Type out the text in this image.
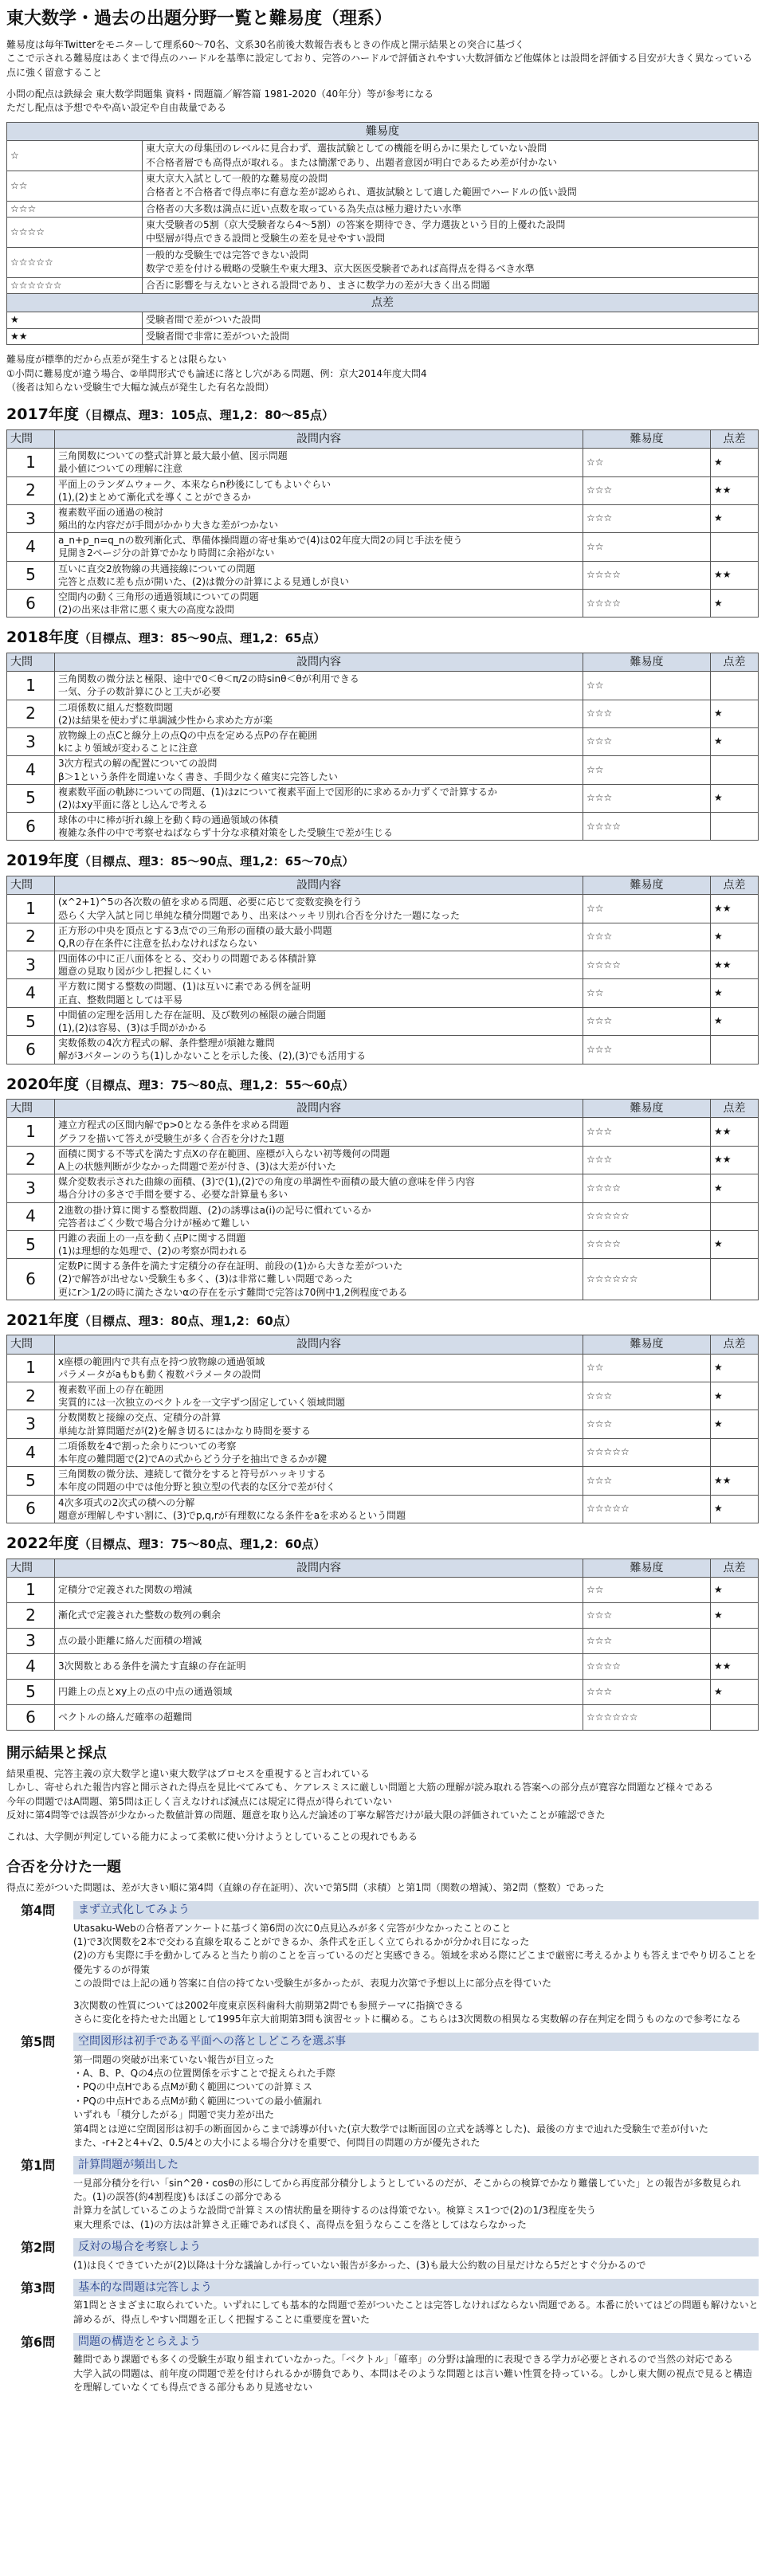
東大数学・過去の出題分野一覧と難易度（理系）

難易度は毎年Twitterをモニターして理系60～70名、文系30名前後大数報告表もときの作成と開示結果との突合に基づく

ここで示される難易度はあくまで得点のハードルを基準に設定しており、完答のハードルで評価されやすい大数評価など他媒体とは設問を評価する目安が大きく異なっている点に強く留意すること

小問の配点は鉄緑会 東大数学問題集 資料・問題篇／解答篇 1981-2020（40年分）等が参考になる

ただし配点は予想でやや高い設定や自由裁量である

難易度	
☆	東大京大の母集団のレベルに見合わず、選抜試験としての機能を明らかに果たしていない設問
不合格者層でも高得点が取れる。または簡潔であり、出題者意図が明白であるため差が付かない

☆☆	東大京大入試として一般的な難易度の設問
合格者と不合格者で得点率に有意な差が認められ、選抜試験として適した範囲でハードルの低い設問

☆☆☆	合格者の大多数は満点に近い点数を取っている為失点は極力避けたい水準

☆☆☆☆	東大受験者の5割（京大受験者なら4～5割）の答案を期待でき、学力選抜という目的上優れた設問
中堅層が得点できる設問と受験生の差を見せやすい設問

☆☆☆☆☆	一般的な受験生では完答できない設問
数学で差を付ける戦略の受験生や東大理3、京大医医受験者であれば高得点を得るべき水準

☆☆☆☆☆☆	合否に影響を与えないとされる設問であり、まさに数学力の差が大きく出る問題

点差	
★	受験者間で差がついた設問
★★	受験者間で非常に差がついた設問

難易度が標準的だから点差が発生するとは限らない

①小問に難易度が違う場合、②単問形式でも論述に落とし穴がある問題、例：京大2014年度大問4

（後者は知らない受験生で大幅な減点が発生した有名な設問）

2017年度（目標点、理3：105点、理1,2：80～85点）
大問	設問内容	難易度	点差
1	三角関数についての整式計算と最大最小値、図示問題
最小値についての理解に注意	☆☆	★
2	平面上のランダムウォーク、本来ならn秒後にしてもよいぐらい
(1),(2)まとめて漸化式を導くことができるか	☆☆☆	★★
3	複素数平面の通過の検討
頻出的な内容だが手間がかかり大きな差がつかない	☆☆☆	★
4	a_n+p_n=q_nの数列漸化式、準備体操問題の寄せ集めで(4)は02年度大問2の同じ手法を使う
見開き2ページ分の計算でかなり時間に余裕がない	☆☆	
5	互いに直交2放物線の共通接線についての問題
完答と点数に差も点が開いた、(2)は微分の計算による見通しが良い	☆☆☆☆	★★
6	空間内の動く三角形の通過領域についての問題
(2)の出来は非常に悪く東大の高度な設問	☆☆☆☆	★
2018年度（目標点、理3：85～90点、理1,2：65点）
大問	設問内容	難易度	点差
1	三角関数の微分法と極限、途中で0＜θ＜π/2の時sinθ＜θが利用できる
一気、分子の数計算にひと工夫が必要	☆☆	
2	二項係数に組んだ整数問題
(2)は結果を使わずに単調減少性から求めた方が楽	☆☆☆	★
3	放物線上の点Cと線分上の点Qの中点を定める点Pの存在範囲
kにより領域が変わることに注意	☆☆☆	★
4	3次方程式の解の配置についての設問
β＞1という条件を間違いなく書き、手間少なく確実に完答したい	☆☆	
5	複素数平面の軌跡についての問題、(1)はzについて複素平面上で図形的に求めるか力ずくで計算するか
(2)はxy平面に落とし込んで考える	☆☆☆	★
6	球体の中に棒が折れ線上を動く時の通過領域の体積
複雑な条件の中で考察せねばならず十分な求積対策をした受験生で差が生じる	☆☆☆☆	
2019年度（目標点、理3：85～90点、理1,2：65～70点）
大問	設問内容	難易度	点差
1	(x^2+1)^5の各次数の値を求める問題、必要に応じて変数変換を行う
恐らく大学入試と同じ単純な積分問題であり、出来はハッキリ別れ合否を分けた一題になった	☆☆	★★
2	正方形の中央を頂点とする3点での三角形の面積の最大最小問題
Q,Rの存在条件に注意を払わなければならない	☆☆☆	★
3	四面体の中に正八面体をとる、交わりの問題である体積計算
題意の見取り図が少し把握しにくい	☆☆☆☆	★★
4	平方数に関する整数の問題、(1)は互いに素である例を証明
正直、整数問題としては平易	☆☆	★
5	中間値の定理を活用した存在証明、及び数列の極限の融合問題
(1),(2)は容易、(3)は手間がかかる	☆☆☆	★
6	実数係数の4次方程式の解、条件整理が煩雑な難問
解が3パターンのうち(1)しかないことを示した後、(2),(3)でも活用する	☆☆☆	
2020年度（目標点、理3：75～80点、理1,2：55～60点）
大問	設問内容	難易度	点差
1	連立方程式の区間内解でp>0となる条件を求める問題
グラフを描いて答えが受験生が多く合否を分けた1題	☆☆☆	★★
2	面積に関する不等式を満たす点Xの存在範囲、座標が入らない初等幾何の問題
A上の状態判断が少なかった問題で差が付き、(3)は大差が付いた	☆☆☆	★★
3	媒介変数表示された曲線の面積、(3)で(1),(2)での角度の単調性や面積の最大値の意味を伴う内容
場合分けの多さで手間を要する、必要な計算量も多い	☆☆☆☆	★
4	2進数の掛け算に関する整数問題、(2)の誘導はa(i)の記号に慣れているか
完答者はごく少数で場合分けが極めて難しい	☆☆☆☆☆	
5	円錐の表面上の一点を動く点Pに関する問題
(1)は理想的な処理で、(2)の考察が問われる	☆☆☆☆	★
6	定数Pに関する条件を満たす定積分の存在証明、前段の(1)から大きな差がついた
(2)で解答が出せない受験生も多く、(3)は非常に難しい問題であった
更にr＞1/2の時に満たさないαの存在を示す難問で完答は70例中1,2例程度である	☆☆☆☆☆☆	
2021年度（目標点、理3：80点、理1,2：60点）
大問	設問内容	難易度	点差
1	x座標の範囲内で共有点を持つ放物線の通過領域
パラメータがaもbも動く複数パラメータの設問	☆☆	★
2	複素数平面上の存在範囲
実質的には一次独立のベクトルを一文字ずつ固定していく領域問題	☆☆☆	★
3	分数関数と接線の交点、定積分の計算
単純な計算問題だが(2)を解き切るにはかなり時間を要する	☆☆☆	★
4	二項係数を4で割った余りについての考察
本年度の難問題で(2)でAの式からどう分子を抽出できるかが鍵	☆☆☆☆☆	
5	三角関数の微分法、連続して微分をすると符号がハッキリする
本年度の問題の中では他分野と独立型の代表的な区分で差が付く	☆☆☆	★★
6	4次多項式の2次式の積への分解
題意が理解しやすい割に、(3)でp,q,rが有理数になる条件をaを求めるという問題	☆☆☆☆☆	★
2022年度（目標点、理3：75～80点、理1,2：60点）
大問	設問内容	難易度	点差
1	定積分で定義された関数の増減	☆☆	★
2	漸化式で定義された整数の数列の剰余	☆☆☆	★
3	点の最小距離に絡んだ面積の増減	☆☆☆	
4	3次関数とある条件を満たす直線の存在証明	☆☆☆☆	★★
5	円錐上の点とxy上の点の中点の通過領域	☆☆☆	★
6	ベクトルの絡んだ確率の超難問	☆☆☆☆☆☆	
開示結果と採点

結果重視、完答主義の京大数学と違い東大数学はプロセスを重視すると言われている

しかし、寄せられた報告内容と開示された得点を見比べてみても、ケアレスミスに厳しい問題と大筋の理解が読み取れる答案への部分点が寛容な問題など様々である

今年の問題ではA問題、第5問は正しく言えなければ減点には規定に得点が得られていない

反対に第4問等では誤答が少なかった数値計算の問題、題意を取り込んだ論述の丁寧な解答だけが最大限の評価されていたことが確認できた

これは、大学側が判定している能力によって柔軟に使い分けようとしていることの現れでもある

合否を分けた一題

得点に差がついた問題は、差が大きい順に第4問（直線の存在証明）、次いで第5問（求積）と第1問（関数の増減）、第2問（整数）であった

第4問	まず立式化してみよう

Utasaku-Webの合格者アンケートに基づく第6問の次に0点見込みが多く完答が少なかったことのこと

(1)で3次関数を2本で交わる直線を取ることができるか、条件式を正しく立てられるかが分かれ目になった

(2)の方も実際に手を動かしてみると当たり前のことを言っているのだと実感できる。領域を求める際にどこまで厳密に考えるかよりも答えまでやり切ることを優先するのが得策

この設問では上記の通り答案に自信の持てない受験生が多かったが、表現力次第で予想以上に部分点を得ていた

3次関数の性質については2002年度東京医科歯科大前期第2問でも参照テーマに指摘できる

さらに変化を持たせた出題として1995年京大前期第3問も演習セットに欄める。こちらは3次関数の相異なる実数解の存在判定を問うものなので参考になる

第5問	空間図形は初手である平面への落としどころを選ぶ事

第一問題の突破が出来ていない報告が目立った

・A、B、P、Qの4点の位置関係を示すことで捉えられた手際

・PQの中点Hである点Mが動く範囲についての計算ミス

・PQの中点Hである点Mが動く範囲についての最小値漏れ

いずれも「積分したがる」問題で実力差が出た

第4問とは逆に空間図形は初手の断面図からこまで誘導が付いた(京大数学では断面図の立式を誘導とした)、最後の方まで辿れた受験生で差が付いた

また、-r+2と4+√2、0.5/4との大小による場合分けを重要で、何問目の問題の方が優先された

第1問	計算問題が頻出した

一見部分積分を行い「sin^2θ・cosθの形にしてから再度部分積分しようとしているのだが、そこからの検算でかなり難儀していた」との報告が多数見られた。(1)の誤答(約4割程度)もほぼこの部分である

計算力を試しているこのような設問で計算ミスの情状酌量を期待するのは得策でない。検算ミス1つで(2)の1/3程度を失う

東大理系では、(1)の方法は計算さえ正確であれば良く、高得点を狙うならここを落としてはならなかった

第2問	反対の場合を考察しよう

(1)は良くできていたが(2)以降は十分な議論しか行っていない報告が多かった、(3)も最大公約数の目星だけなら5だとすぐ分かるので

第3問	基本的な問題は完答しよう

第1問とさまざまに取られていた。いずれにしても基本的な問題で差がついたことは完答しなければならない問題である。本番に於いてはどの問題も解けないと諦めるが、得点しやすい問題を正しく把握することに重要度を置いた

第6問	問題の構造をとらえよう

難問であり課題でも多くの受験生が取り組まれていなかった。「ベクトル」「確率」の分野は論理的に表現できる学力が必要とされるので当然の対応である

大学入試の問題は、前年度の問題で差を付けられるかが勝負であり、本問はそのような問題とは言い難い性質を持っている。しかし東大側の視点で見ると構造を理解していなくても得点できる部分もあり見逃せない
